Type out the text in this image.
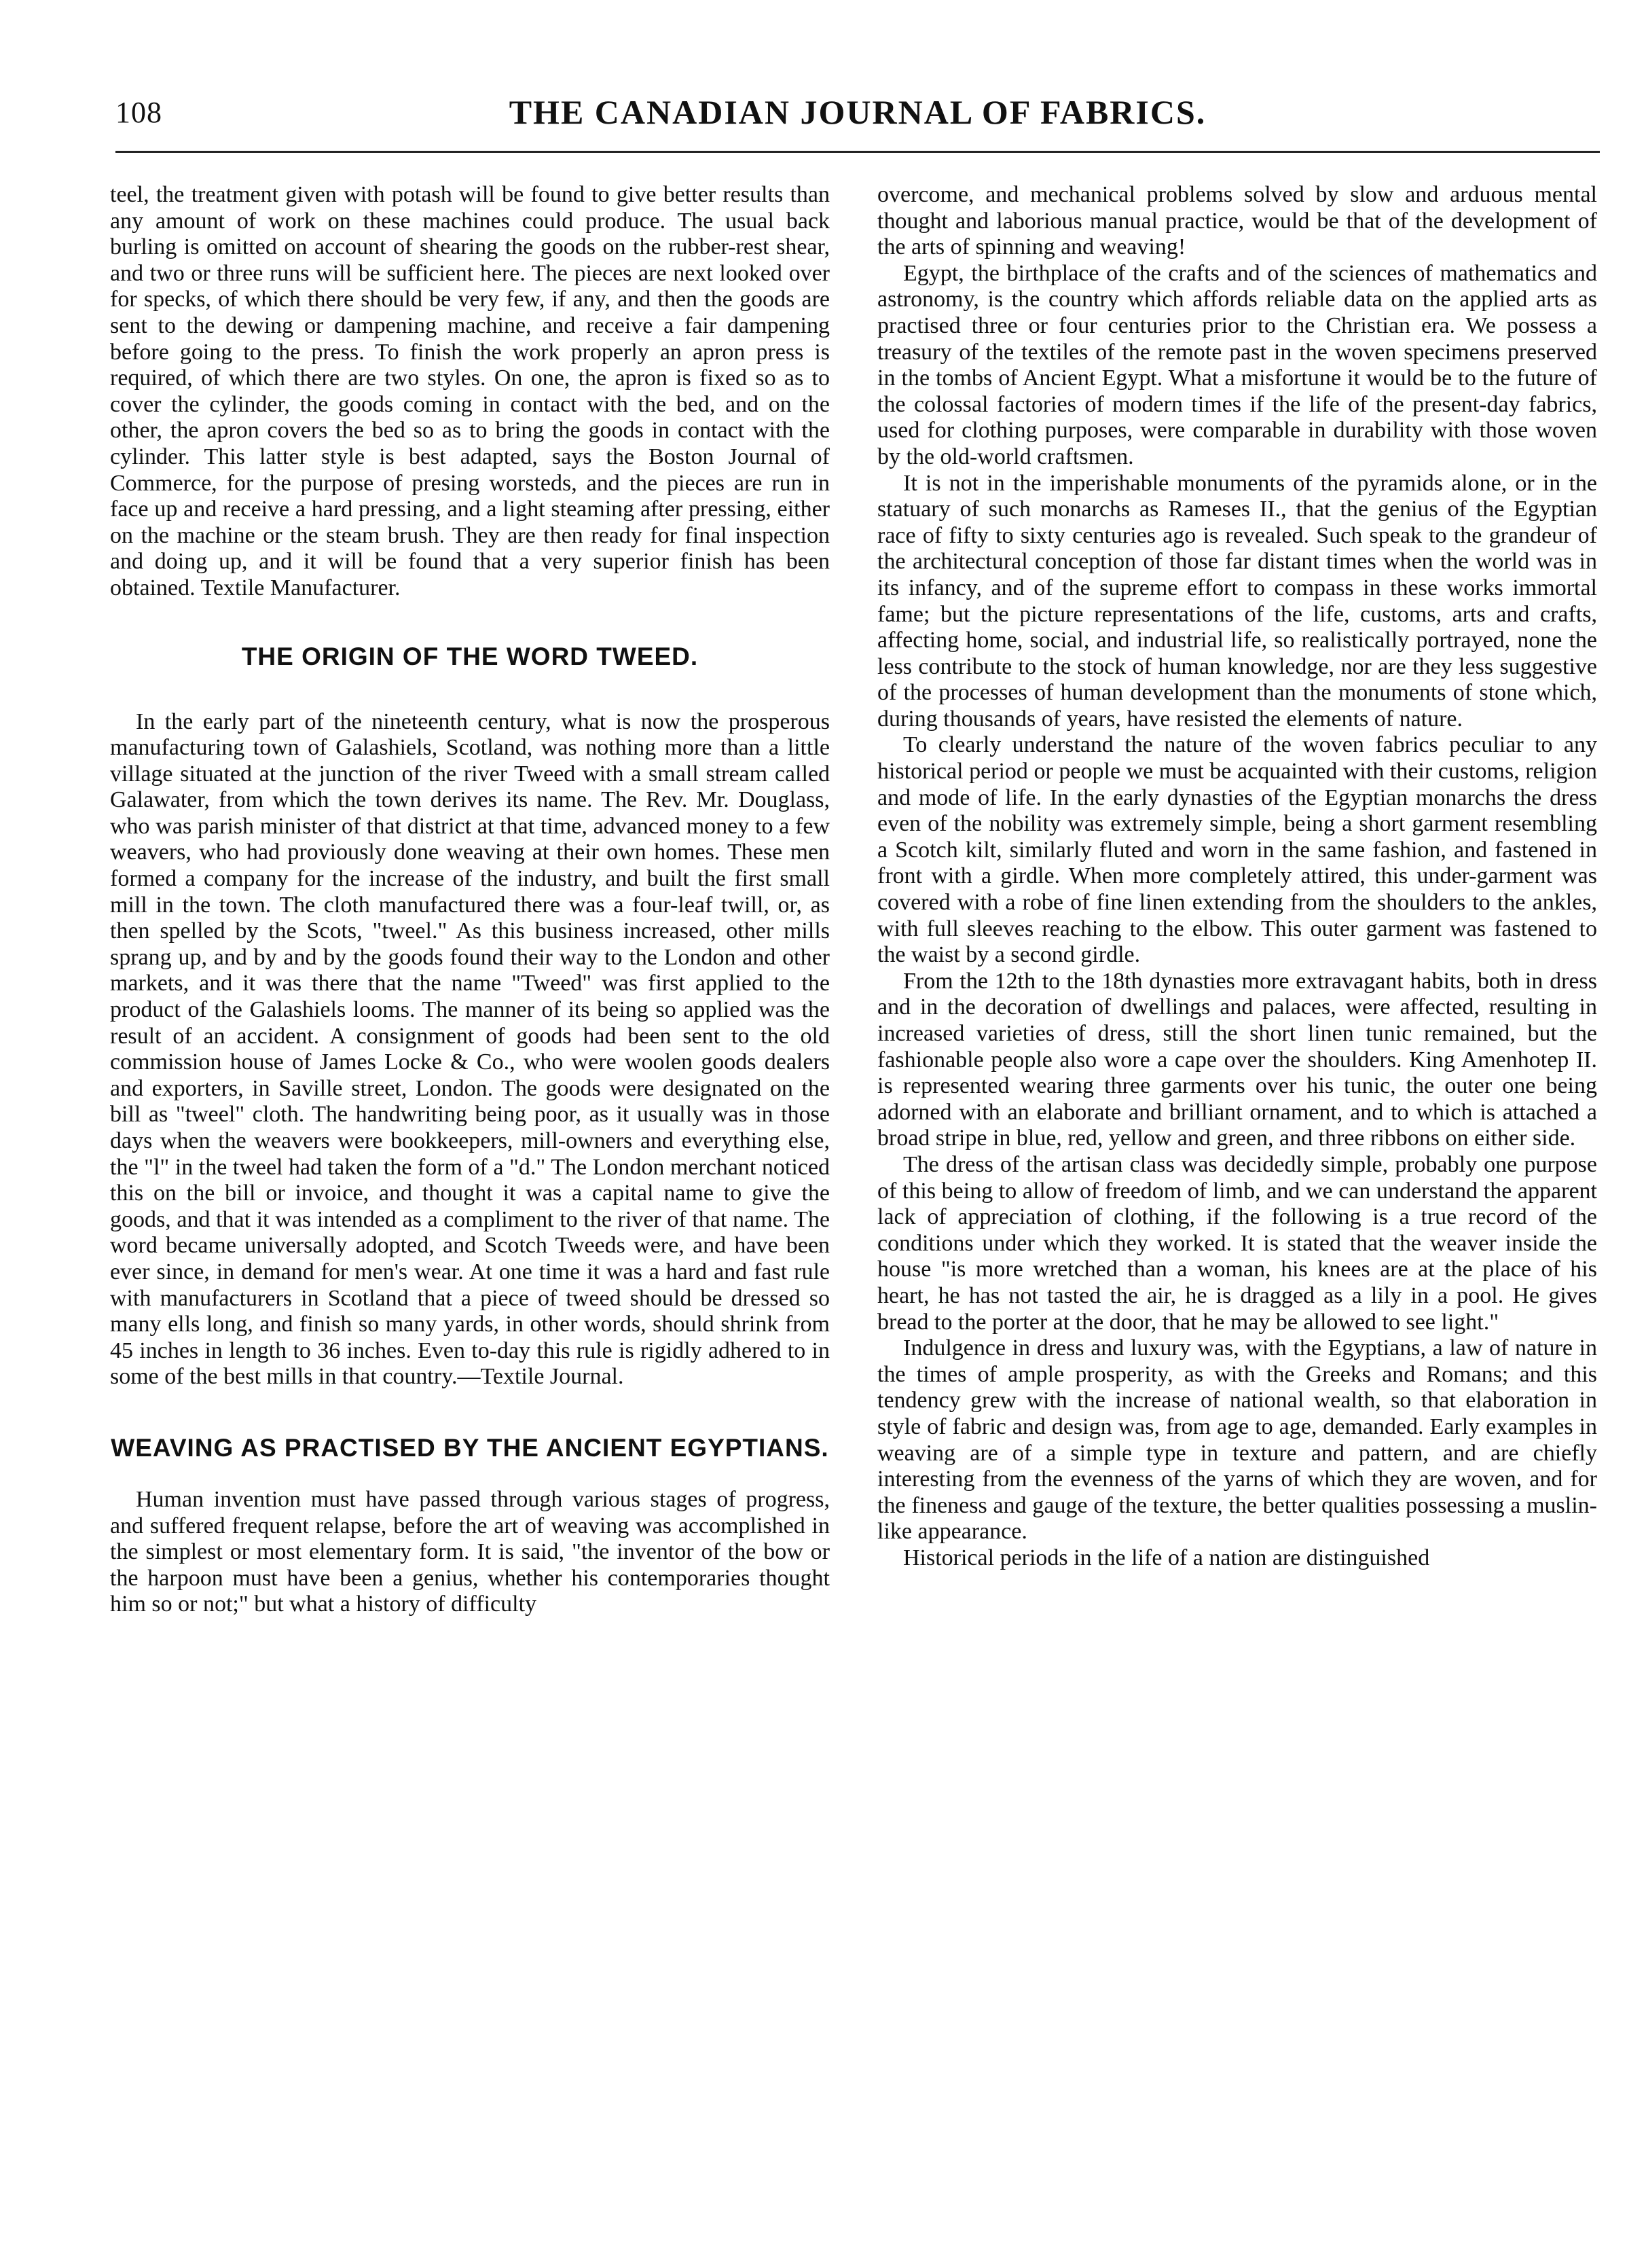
108	THE CANADIAN JOURNAL OF FABRICS.

teel, the treatment given with potash will be found to give better results than any amount of work on these machines could produce. The usual back burling is omitted on account of shearing the goods on the rubber-rest shear, and two or three runs will be sufficient here. The pieces are next looked over for specks, of which there should be very few, if any, and then the goods are sent to the dewing or dampening machine, and receive a fair dampening before going to the press. To finish the work properly an apron press is required, of which there are two styles. On one, the apron is fixed so as to cover the cylinder, the goods coming in contact with the bed, and on the other, the apron covers the bed so as to bring the goods in contact with the cylinder. This latter style is best adapted, says the Boston Journal of Commerce, for the purpose of presing worsteds, and the pieces are run in face up and receive a hard pressing, and a light steaming after pressing, either on the machine or the steam brush. They are then ready for final inspection and doing up, and it will be found that a very superior finish has been obtained. Textile Manufacturer.

THE ORIGIN OF THE WORD TWEED.

In the early part of the nineteenth century, what is now the prosperous manufacturing town of Galashiels, Scotland, was nothing more than a little village situated at the junction of the river Tweed with a small stream called Galawater, from which the town derives its name. The Rev. Mr. Douglass, who was parish minister of that district at that time, advanced money to a few weavers, who had proviously done weaving at their own homes. These men formed a company for the increase of the industry, and built the first small mill in the town. The cloth manufactured there was a four-leaf twill, or, as then spelled by the Scots, "tweel." As this business increased, other mills sprang up, and by and by the goods found their way to the London and other markets, and it was there that the name "Tweed" was first applied to the product of the Galashiels looms. The manner of its being so applied was the result of an accident. A consignment of goods had been sent to the old commission house of James Locke & Co., who were woolen goods dealers and exporters, in Saville street, London. The goods were designated on the bill as "tweel" cloth. The handwriting being poor, as it usually was in those days when the weavers were bookkeepers, mill-owners and everything else, the "l" in the tweel had taken the form of a "d." The London merchant noticed this on the bill or invoice, and thought it was a capital name to give the goods, and that it was intended as a compliment to the river of that name. The word became universally adopted, and Scotch Tweeds were, and have been ever since, in demand for men's wear. At one time it was a hard and fast rule with manufacturers in Scotland that a piece of tweed should be dressed so many ells long, and finish so many yards, in other words, should shrink from 45 inches in length to 36 inches. Even to-day this rule is rigidly adhered to in some of the best mills in that country.—Textile Journal.

WEAVING AS PRACTISED BY THE ANCIENT EGYPTIANS.

Human invention must have passed through various stages of progress, and suffered frequent relapse, before the art of weaving was accomplished in the simplest or most elementary form. It is said, "the inventor of the bow or the harpoon must have been a genius, whether his contemporaries thought him so or not;" but what a history of difficulty

overcome, and mechanical problems solved by slow and arduous mental thought and laborious manual practice, would be that of the development of the arts of spinning and weaving!

Egypt, the birthplace of the crafts and of the sciences of mathematics and astronomy, is the country which affords reliable data on the applied arts as practised three or four centuries prior to the Christian era. We possess a treasury of the textiles of the remote past in the woven specimens preserved in the tombs of Ancient Egypt. What a misfortune it would be to the future of the colossal factories of modern times if the life of the present-day fabrics, used for clothing purposes, were comparable in durability with those woven by the old-world craftsmen.

It is not in the imperishable monuments of the pyramids alone, or in the statuary of such monarchs as Rameses II., that the genius of the Egyptian race of fifty to sixty centuries ago is revealed. Such speak to the grandeur of the architectural conception of those far distant times when the world was in its infancy, and of the supreme effort to compass in these works immortal fame; but the picture representations of the life, customs, arts and crafts, affecting home, social, and industrial life, so realistically portrayed, none the less contribute to the stock of human knowledge, nor are they less suggestive of the processes of human development than the monuments of stone which, during thousands of years, have resisted the elements of nature.

To clearly understand the nature of the woven fabrics peculiar to any historical period or people we must be acquainted with their customs, religion and mode of life. In the early dynasties of the Egyptian monarchs the dress even of the nobility was extremely simple, being a short garment resembling a Scotch kilt, similarly fluted and worn in the same fashion, and fastened in front with a girdle. When more completely attired, this under-garment was covered with a robe of fine linen extending from the shoulders to the ankles, with full sleeves reaching to the elbow. This outer garment was fastened to the waist by a second girdle.

From the 12th to the 18th dynasties more extravagant habits, both in dress and in the decoration of dwellings and palaces, were affected, resulting in increased varieties of dress, still the short linen tunic remained, but the fashionable people also wore a cape over the shoulders. King Amenhotep II. is represented wearing three garments over his tunic, the outer one being adorned with an elaborate and brilliant ornament, and to which is attached a broad stripe in blue, red, yellow and green, and three ribbons on either side.

The dress of the artisan class was decidedly simple, probably one purpose of this being to allow of freedom of limb, and we can understand the apparent lack of appreciation of clothing, if the following is a true record of the conditions under which they worked. It is stated that the weaver inside the house "is more wretched than a woman, his knees are at the place of his heart, he has not tasted the air, he is dragged as a lily in a pool. He gives bread to the porter at the door, that he may be allowed to see light."

Indulgence in dress and luxury was, with the Egyptians, a law of nature in the times of ample prosperity, as with the Greeks and Romans; and this tendency grew with the increase of national wealth, so that elaboration in style of fabric and design was, from age to age, demanded. Early examples in weaving are of a simple type in texture and pattern, and are chiefly interesting from the evenness of the yarns of which they are woven, and for the fineness and gauge of the texture, the better qualities possessing a muslin-like appearance.

Historical periods in the life of a nation are distinguished
